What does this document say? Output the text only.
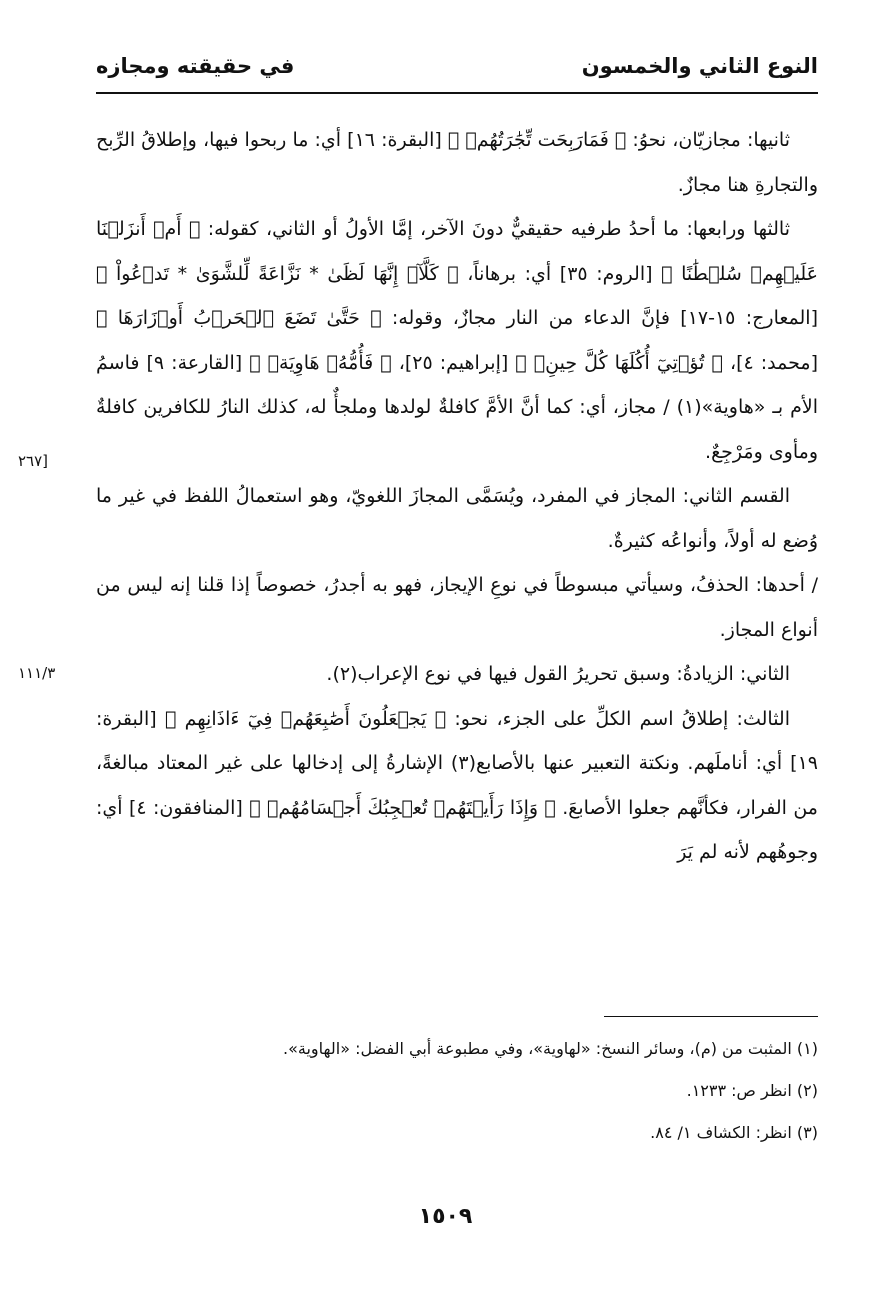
النوع الثاني والخمسون
في حقيقته ومجازه
[٢٦٧
١١١/٣

ثانيها: مجازيّان، نحوُ: ﴿ فَمَارَبِحَت تِّجَٰرَتُهُمۡ ﴾ [البقرة: ١٦] أي: ما ربحوا فيها، وإطلاقُ الرِّبح والتجارةِ هنا مجازٌ.

ثالثها ورابعها: ما أحدُ طرفيه حقيقيٌّ دونَ الآخر، إمَّا الأولُ أو الثاني، كقوله: ﴿ أَمۡ أَنزَلۡنَا عَلَيۡهِمۡ سُلۡطَٰنًا ﴾ [الروم: ٣٥] أي: برهاناً، ﴿ كَلَّآۖ إِنَّهَا لَظَىٰ * نَزَّاعَةً لِّلشَّوَىٰ * تَدۡعُواْ ﴾ [المعارج: ١٥-١٧] فإنَّ الدعاء من النار مجازٌ، وقوله: ﴿ حَتَّىٰ تَضَعَ ٱلۡحَرۡبُ أَوۡزَارَهَا ﴾ [محمد: ٤]، ﴿ تُؤۡتِيٓ أُكُلَهَا كُلَّ حِينِۭ ﴾ [إبراهيم: ٢٥]، ﴿ فَأُمُّهُۥ هَاوِيَةٞ ﴾ [القارعة: ٩] فاسمُ الأم بـ «هاوية»(١) / مجاز، أي: كما أنَّ الأمَّ كافلةٌ لولدها وملجأٌ له، كذلك النارُ للكافرين كافلةٌ ومأوى ومَرْجِعٌ.

القسم الثاني: المجاز في المفرد، ويُسَمَّى المجازَ اللغويّ، وهو استعمالُ اللفظ في غير ما وُضع له أولاً، وأنواعُه كثيرةٌ.

/ أحدها: الحذفُ، وسيأتي مبسوطاً في نوعِ الإيجاز، فهو به أجدرُ، خصوصاً إذا قلنا إنه ليس من أنواع المجاز.

الثاني: الزيادةُ: وسبق تحريرُ القول فيها في نوع الإعراب(٢).

الثالث: إطلاقُ اسم الكلِّ على الجزء، نحو: ﴿ يَجۡعَلُونَ أَصَٰبِعَهُمۡ فِيٓ ءَاذَانِهِم ﴾ [البقرة: ١٩] أي: أناملَهم. ونكتة التعبير عنها بالأصابع(٣) الإشارةُ إلى إدخالها على غير المعتاد مبالغةً، من الفرار، فكأنَّهم جعلوا الأصابعَ. ﴿ وَإِذَا رَأَيۡتَهُمۡ تُعۡجِبُكَ أَجۡسَامُهُمۡ ﴾ [المنافقون: ٤] أي: وجوهُهم لأنه لم يَرَ

(١) المثبت من (م)، وسائر النسخ: «لهاوية»، وفي مطبوعة أبي الفضل: «الهاوية».

(٢) انظر ص: ١٢٣٣.

(٣) انظر: الكشاف ١/ ٨٤.

١٥٠٩
